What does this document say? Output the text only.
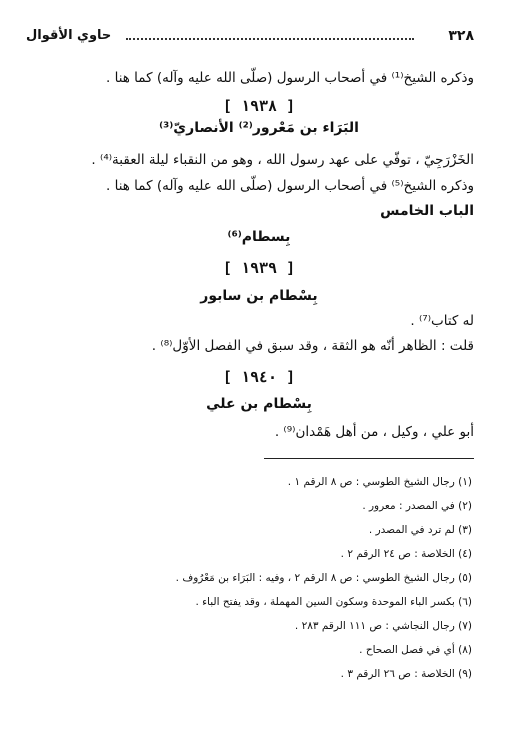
٣٢٨
حاوي الأقوال
وذكره الشيخ⁽¹⁾ في أصحاب الرسول (صلّى الله عليه وآله) كما هنا .
[ ١٩٣٨ ]
البَرَاء بن مَعْرور⁽²⁾ الأنصاريّ⁽³⁾
الخَزْرَجِيّ ، توفّي على عهد رسول الله ، وهو من النقباء ليلة العقبة⁽⁴⁾ .
وذكره الشيخ⁽⁵⁾ في أصحاب الرسول (صلّى الله عليه وآله) كما هنا .
الباب الخامس
بِسطام⁽⁶⁾
[ ١٩٣٩ ]
بِسْطام بن سابور
له كتاب⁽⁷⁾ .
قلت : الظاهر أنّه هو الثقة ، وقد سبق في الفصل الأوّل⁽⁸⁾ .
[ ١٩٤٠ ]
بِسْطام بن علي
أبو علي ، وكيل ، من أهل هَمْدان⁽⁹⁾ .
(١) رجال الشيخ الطوسي : ص ٨ الرقم ١ .
(٢) في المصدر : معرور .
(٣) لم ترد في المصدر .
(٤) الخلاصة : ص ٢٤ الرقم ٢ .
(٥) رجال الشيخ الطوسي : ص ٨ الرقم ٢ ، وفيه : البَرَاء بن مَعْرُوف .
(٦) بكسر الباء الموحدة وسكون السين المهملة ، وقد يفتح الباء .
(٧) رجال النجاشي : ص ١١١ الرقم ٢٨٣ .
(٨) أي في فصل الصحاح .
(٩) الخلاصة : ص ٢٦ الرقم ٣ .
